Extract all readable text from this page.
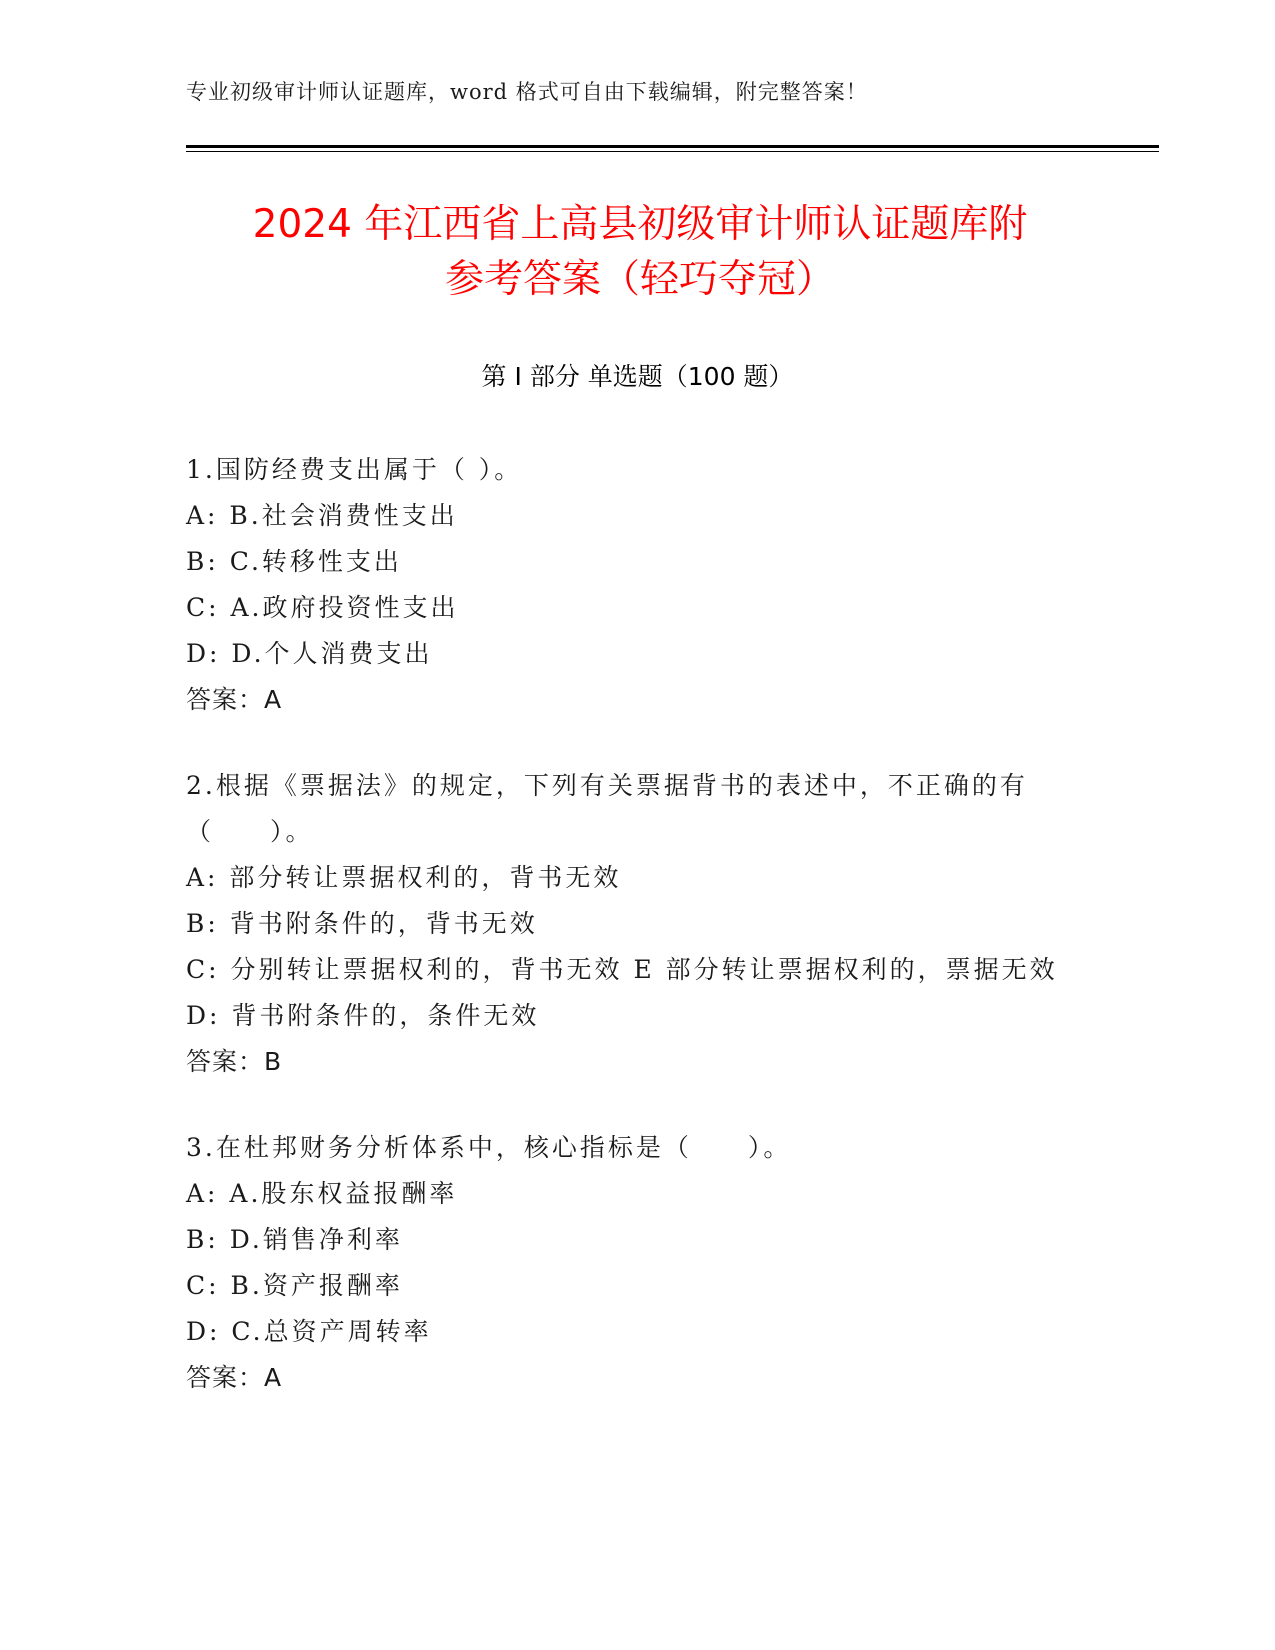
专业初级审计师认证题库，word 格式可自由下载编辑，附完整答案！
2024 年江西省上高县初级审计师认证题库附
参考答案（轻巧夺冠）
第 I 部分 单选题（100 题）
1.国防经费支出属于（ ）。
A: B.社会消费性支出
B: C.转移性支出
C: A.政府投资性支出
D: D.个人消费支出
答案：A
2.根据《票据法》的规定，下列有关票据背书的表述中，不正确的有
（　　）。
A: 部分转让票据权利的，背书无效
B: 背书附条件的，背书无效
C: 分别转让票据权利的，背书无效 E 部分转让票据权利的，票据无效
D: 背书附条件的，条件无效
答案：B
3.在杜邦财务分析体系中，核心指标是（　　）。
A: A.股东权益报酬率
B: D.销售净利率
C: B.资产报酬率
D: C.总资产周转率
答案：A
